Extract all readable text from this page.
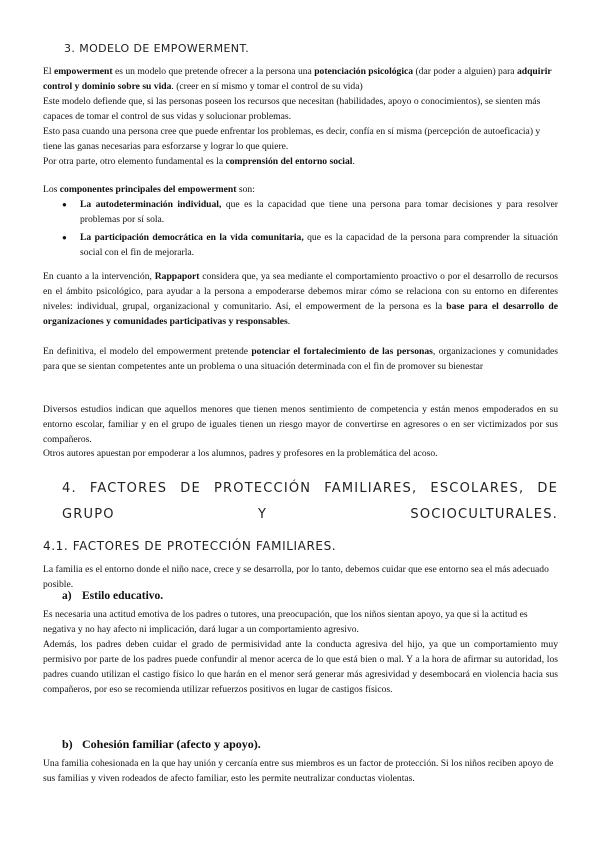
3. MODELO DE EMPOWERMENT.

El empowerment es un modelo que pretende ofrecer a la persona una potenciación psicológica (dar poder a alguien) para adquirir control y dominio sobre su vida. (creer en sí mismo y tomar el control de su vida)

Este modelo defiende que, si las personas poseen los recursos que necesitan (habilidades, apoyo o conocimientos), se sienten más capaces de tomar el control de sus vidas y solucionar problemas.

Esto pasa cuando una persona cree que puede enfrentar los problemas, es decir, confía en sí misma (percepción de autoeficacia) y tiene las ganas necesarias para esforzarse y lograr lo que quiere.

Por otra parte, otro elemento fundamental es la comprensión del entorno social.

Los componentes principales del empowerment son:

● La autodeterminación individual, que es la capacidad que tiene una persona para tomar decisiones y para resolver problemas por sí sola.
● La participación democrática en la vida comunitaria, que es la capacidad de la persona para comprender la situación social con el fin de mejorarla.

En cuanto a la intervención, Rappaport considera que, ya sea mediante el comportamiento proactivo o por el desarrollo de recursos en el ámbito psicológico, para ayudar a la persona a empoderarse debemos mirar cómo se relaciona con su entorno en diferentes niveles: individual, grupal, organizacional y comunitario. Así, el empowerment de la persona es la base para el desarrollo de organizaciones y comunidades participativas y responsables.

En definitiva, el modelo del empowerment pretende potenciar el fortalecimiento de las personas, organizaciones y comunidades para que se sientan competentes ante un problema o una situación determinada con el fin de promover su bienestar

Diversos estudios indican que aquellos menores que tienen menos sentimiento de competencia y están menos empoderados en su entorno escolar, familiar y en el grupo de iguales tienen un riesgo mayor de convertirse en agresores o en ser victimizados por sus compañeros.

Otros autores apuestan por empoderar a los alumnos, padres y profesores en la problemática del acoso.

4. FACTORES DE PROTECCIÓN FAMILIARES, ESCOLARES, DE GRUPO Y SOCIOCULTURALES.
4.1. FACTORES DE PROTECCIÓN FAMILIARES.

La familia es el entorno donde el niño nace, crece y se desarrolla, por lo tanto, debemos cuidar que ese entorno sea el más adecuado posible.

a) Estilo educativo.

Es necesaria una actitud emotiva de los padres o tutores, una preocupación, que los niños sientan apoyo, ya que si la actitud es negativa y no hay afecto ni implicación, dará lugar a un comportamiento agresivo.

Además, los padres deben cuidar el grado de permisividad ante la conducta agresiva del hijo, ya que un comportamiento muy permisivo por parte de los padres puede confundir al menor acerca de lo que está bien o mal. Y a la hora de afirmar su autoridad, los padres cuando utilizan el castigo físico lo que harán en el menor será generar más agresividad y desembocará en violencia hacia sus compañeros, por eso se recomienda utilizar refuerzos positivos en lugar de castigos físicos.

b) Cohesión familiar (afecto y apoyo).

Una familia cohesionada en la que hay unión y cercanía entre sus miembros es un factor de protección. Si los niños reciben apoyo de sus familias y viven rodeados de afecto familiar, esto les permite neutralizar conductas violentas.
